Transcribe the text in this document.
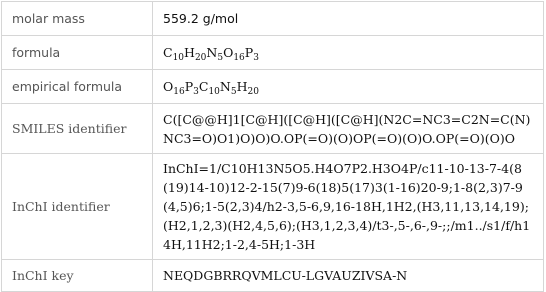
molar mass	559.2 g/mol
formula	$C_{10}H_{20}N_5O_{16}P_3$
empirical formula	$O_{16}P_3C_{10}N_5H_{20}$
SMILES identifier	C([C@@H]1[C@H]([C@H]([C@H](N2C=NC3=C2N=C(N)NC3=O)O1)O)O)O.OP(=O)(O)OP(=O)(O)O.OP(=O)(O)O
InChI identifier	InChI=1/C10H13N5O5.H4O7P2.H3O4P/c11-10-13-7-4(8(19)14-10)12-2-15(7)9-6(18)5(17)3(1-16)20-9;1-8(2,3)7-9(4,5)6;1-5(2,3)4/h2-3,5-6,9,16-18H,1H2,(H3,11,13,14,19);(H2,1,2,3)(H2,4,5,6);(H3,1,2,3,4)/t3-,5-,6-,9-;;/m1../s1/f/h14H,11H2;1-2,4-5H;1-3H
InChI key	NEQDGBRRQVMLCU-LGVAUZIVSA-N
